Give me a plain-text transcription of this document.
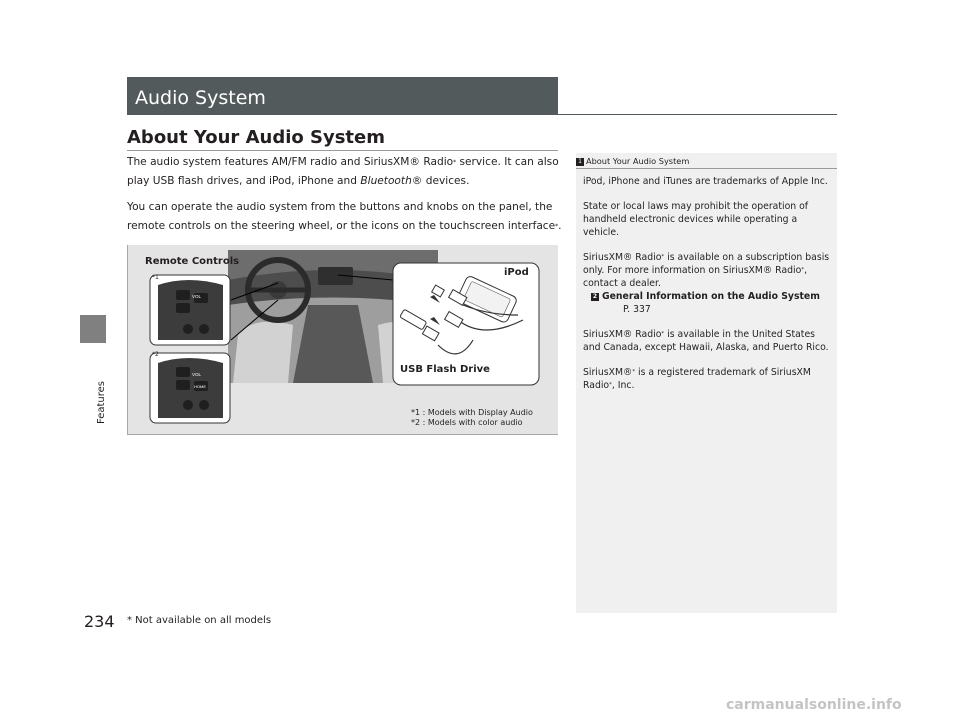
Features
Audio System
About Your Audio System
The audio system features AM/FM radio and SiriusXM® Radio* service. It can also
play USB flash drives, and iPod, iPhone and Bluetooth® devices.
You can operate the audio system from the buttons and knobs on the panel, the
remote controls on the steering wheel, or the icons on the touchscreen interface*.
VOL
VOL
HOME
Remote Controls
*1
*2
iPod
USB Flash Drive
*1 : Models with Display Audio
*2 : Models with color audio
1 About Your Audio System

iPod, iPhone and iTunes are trademarks of Apple Inc.

State or local laws may prohibit the operation of handheld electronic devices while operating a vehicle.

SiriusXM® Radio* is available on a subscription basis only. For more information on SiriusXM® Radio*, contact a dealer.
2 General Information on the Audio System
P. 337

SiriusXM® Radio* is available in the United States and Canada, except Hawaii, Alaska, and Puerto Rico.

SiriusXM®* is a registered trademark of SiriusXM Radio*, Inc.

234 * Not available on all models
carmanualsonline.info
